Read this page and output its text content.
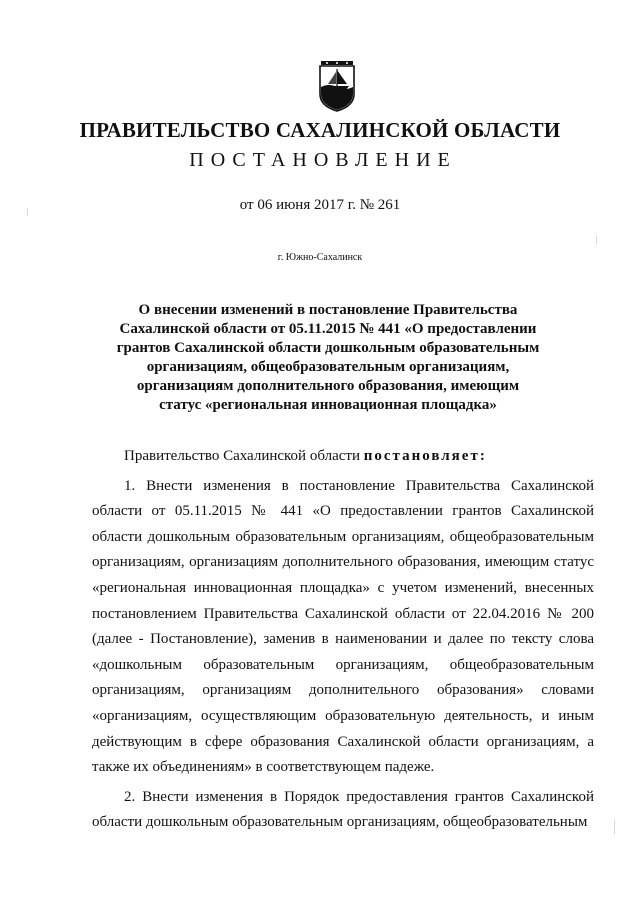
ПРАВИТЕЛЬСТВО САХАЛИНСКОЙ ОБЛАСТИ
ПОСТАНОВЛЕНИЕ
от 06 июня 2017 г. № 261
г. Южно-Сахалинск
О внесении изменений в постановление Правительства
Сахалинской области от 05.11.2015 № 441 «О предоставлении
грантов Сахалинской области дошкольным образовательным
организациям, общеобразовательным организациям,
организациям дополнительного образования, имеющим
статус «региональная инновационная площадка»

Правительство Сахалинской области постановляет:

1. Внести изменения в постановление Правительства Сахалинской области от 05.11.2015 № 441 «О предоставлении грантов Сахалинской области дошкольным образовательным организациям, общеобразовательным организациям, организациям дополнительного образования, имеющим статус «региональная инновационная площадка» с учетом изменений, внесенных постановлением Правительства Сахалинской области от 22.04.2016 № 200 (далее - Постановление), заменив в наименовании и далее по тексту слова «дошкольным образовательным организациям, общеобразовательным организациям, организациям дополнительного образования» словами «организациям, осуществляющим образовательную деятельность, и иным действующим в сфере образования Сахалинской области организациям, а также их объединениям» в соответствующем падеже.

2. Внести изменения в Порядок предоставления грантов Сахалинской области дошкольным образовательным организациям, общеобразовательным
